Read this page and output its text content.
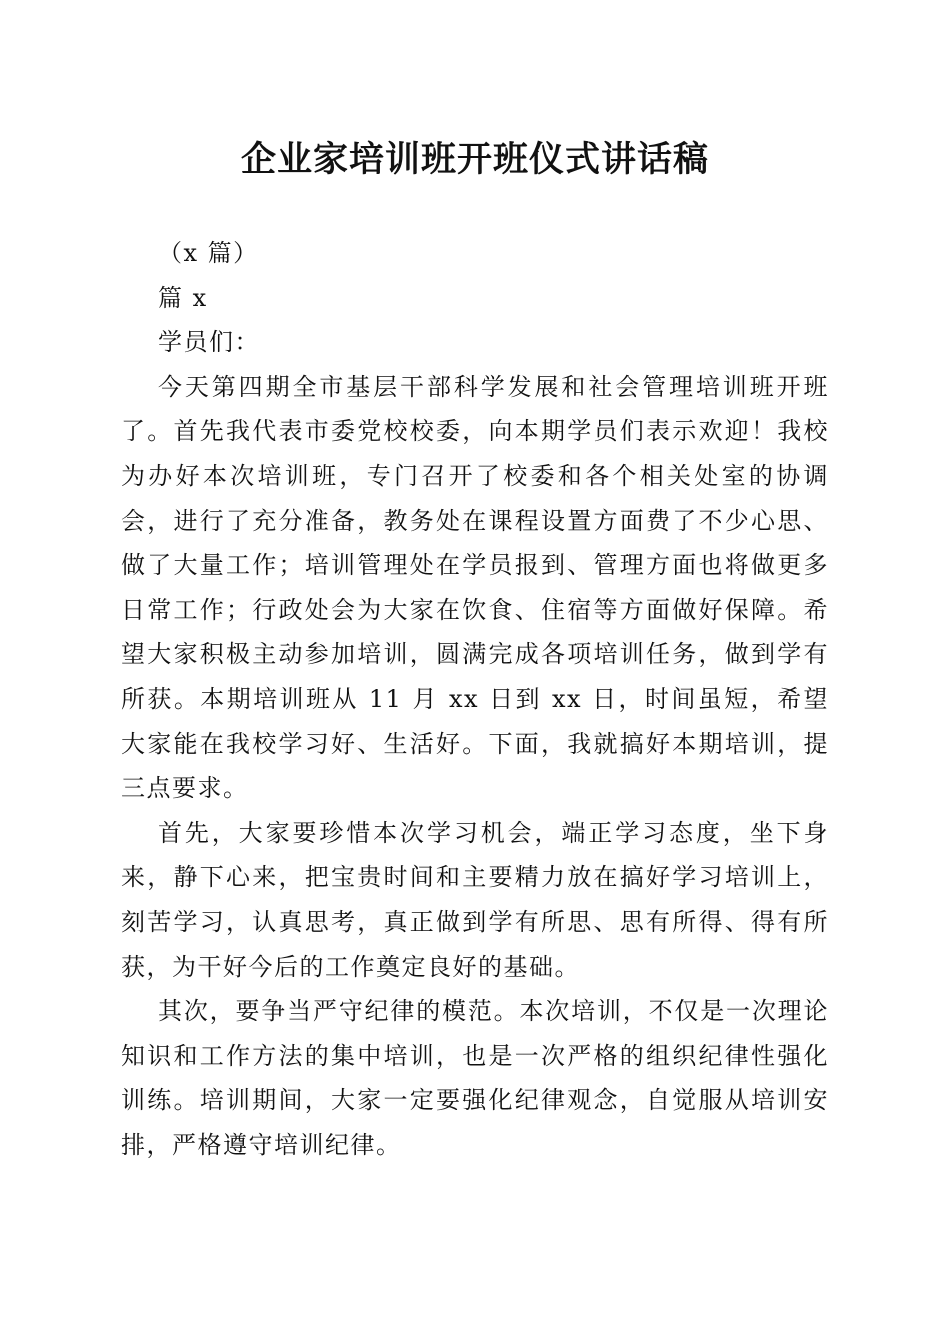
企业家培训班开班仪式讲话稿

（x 篇）

篇 x

学员们：

今天第四期全市基层干部科学发展和社会管理培训班开班了。首先我代表市委党校校委，向本期学员们表示欢迎！我校为办好本次培训班，专门召开了校委和各个相关处室的协调会，进行了充分准备，教务处在课程设置方面费了不少心思、做了大量工作；培训管理处在学员报到、管理方面也将做更多日常工作；行政处会为大家在饮食、住宿等方面做好保障。希望大家积极主动参加培训，圆满完成各项培训任务，做到学有所获。本期培训班从 11 月 xx 日到 xx 日，时间虽短，希望大家能在我校学习好、生活好。下面，我就搞好本期培训，提三点要求。

首先，大家要珍惜本次学习机会，端正学习态度，坐下身来，静下心来，把宝贵时间和主要精力放在搞好学习培训上，刻苦学习，认真思考，真正做到学有所思、思有所得、得有所获，为干好今后的工作奠定良好的基础。

其次，要争当严守纪律的模范。本次培训，不仅是一次理论知识和工作方法的集中培训，也是一次严格的组织纪律性强化训练。培训期间，大家一定要强化纪律观念，自觉服从培训安排，严格遵守培训纪律。
